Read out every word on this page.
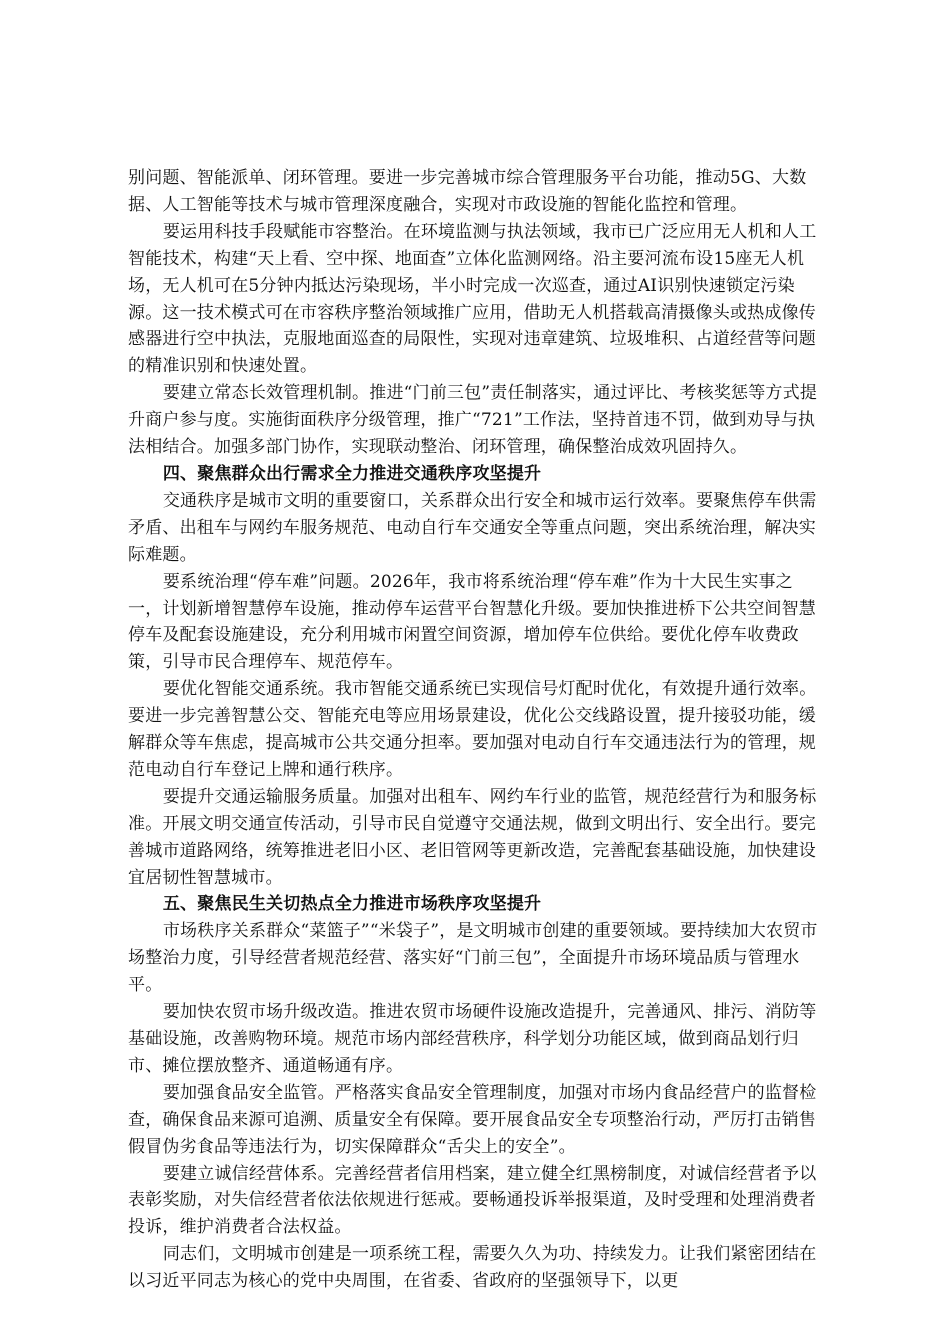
别问题、智能派单、闭环管理。要进一步完善城市综合管理服务平台功能，推动5G、大数据、人工智能等技术与城市管理深度融合，实现对市政设施的智能化监控和管理。

要运用科技手段赋能市容整治。在环境监测与执法领域，我市已广泛应用无人机和人工智能技术，构建“天上看、空中探、地面查”立体化监测网络。沿主要河流布设15座无人机场，无人机可在5分钟内抵达污染现场，半小时完成一次巡查，通过AI识别快速锁定污染源。这一技术模式可在市容秩序整治领域推广应用，借助无人机搭载高清摄像头或热成像传感器进行空中执法，克服地面巡查的局限性，实现对违章建筑、垃圾堆积、占道经营等问题的精准识别和快速处置。

要建立常态长效管理机制。推进“门前三包”责任制落实，通过评比、考核奖惩等方式提升商户参与度。实施街面秩序分级管理，推广“721”工作法，坚持首违不罚，做到劝导与执法相结合。加强多部门协作，实现联动整治、闭环管理，确保整治成效巩固持久。

四、聚焦群众出行需求全力推进交通秩序攻坚提升

交通秩序是城市文明的重要窗口，关系群众出行安全和城市运行效率。要聚焦停车供需矛盾、出租车与网约车服务规范、电动自行车交通安全等重点问题，突出系统治理，解决实际难题。

要系统治理“停车难”问题。2026年，我市将系统治理“停车难”作为十大民生实事之一，计划新增智慧停车设施，推动停车运营平台智慧化升级。要加快推进桥下公共空间智慧停车及配套设施建设，充分利用城市闲置空间资源，增加停车位供给。要优化停车收费政策，引导市民合理停车、规范停车。

要优化智能交通系统。我市智能交通系统已实现信号灯配时优化，有效提升通行效率。要进一步完善智慧公交、智能充电等应用场景建设，优化公交线路设置，提升接驳功能，缓解群众等车焦虑，提高城市公共交通分担率。要加强对电动自行车交通违法行为的管理，规范电动自行车登记上牌和通行秩序。

要提升交通运输服务质量。加强对出租车、网约车行业的监管，规范经营行为和服务标准。开展文明交通宣传活动，引导市民自觉遵守交通法规，做到文明出行、安全出行。要完善城市道路网络，统筹推进老旧小区、老旧管网等更新改造，完善配套基础设施，加快建设宜居韧性智慧城市。

五、聚焦民生关切热点全力推进市场秩序攻坚提升

市场秩序关系群众“菜篮子”“米袋子”，是文明城市创建的重要领域。要持续加大农贸市场整治力度，引导经营者规范经营、落实好“门前三包”，全面提升市场环境品质与管理水平。

要加快农贸市场升级改造。推进农贸市场硬件设施改造提升，完善通风、排污、消防等基础设施，改善购物环境。规范市场内部经营秩序，科学划分功能区域，做到商品划行归市、摊位摆放整齐、通道畅通有序。

要加强食品安全监管。严格落实食品安全管理制度，加强对市场内食品经营户的监督检查，确保食品来源可追溯、质量安全有保障。要开展食品安全专项整治行动，严厉打击销售假冒伪劣食品等违法行为，切实保障群众“舌尖上的安全”。

要建立诚信经营体系。完善经营者信用档案，建立健全红黑榜制度，对诚信经营者予以表彰奖励，对失信经营者依法依规进行惩戒。要畅通投诉举报渠道，及时受理和处理消费者投诉，维护消费者合法权益。

同志们，文明城市创建是一项系统工程，需要久久为功、持续发力。让我们紧密团结在以习近平同志为核心的党中央周围，在省委、省政府的坚强领导下，以更
